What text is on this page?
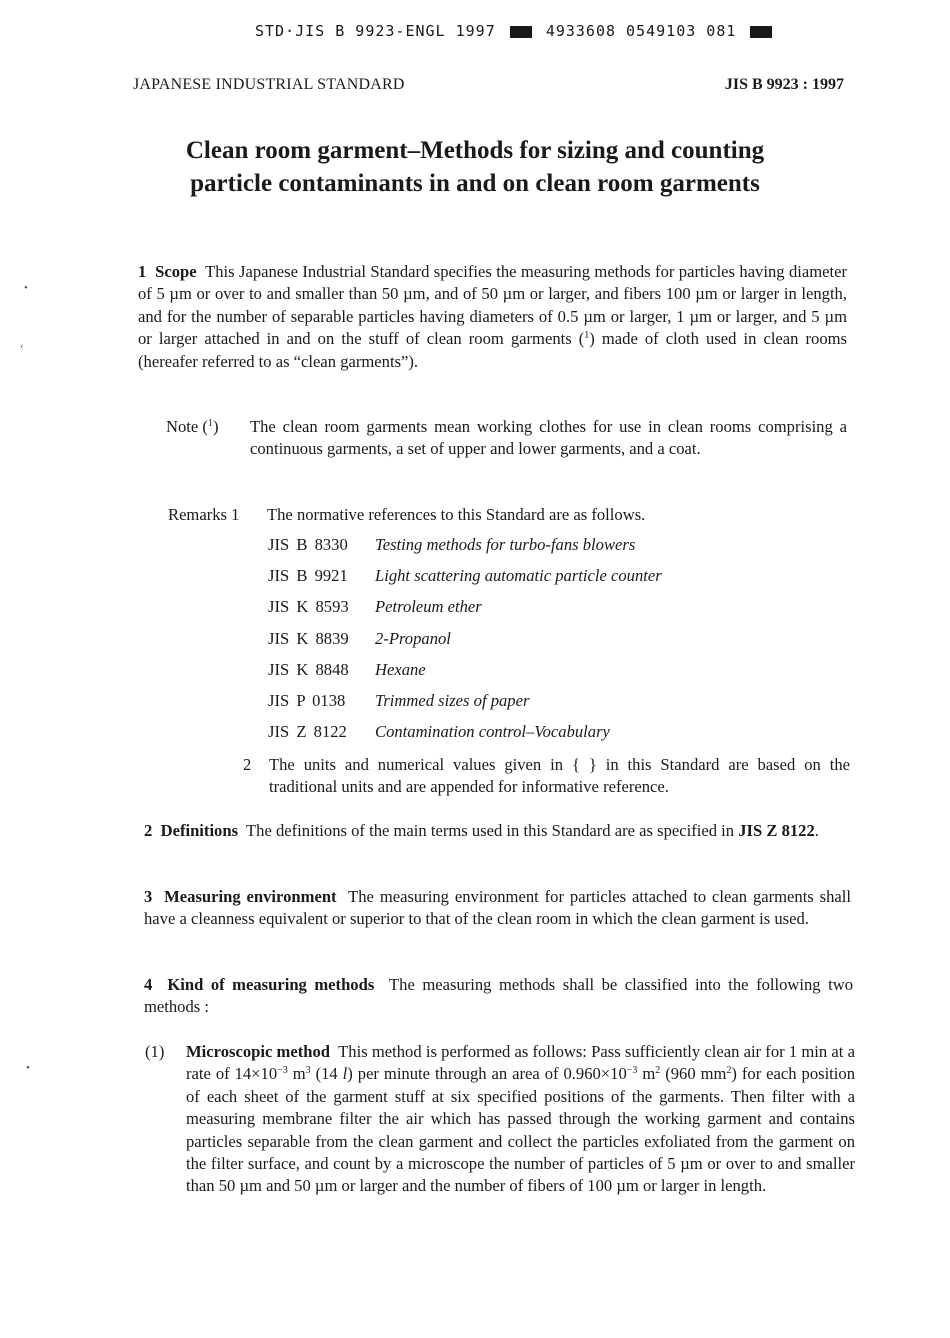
STD·JIS B 9923-ENGL 1997	4933608 0549103 081
JAPANESE INDUSTRIAL STANDARD	JIS B 9923 : 1997
Clean room garment–Methods for sizing and counting
particle contaminants in and on clean room garments
1 Scope This Japanese Industrial Standard specifies the measuring methods for particles having diameter of 5 µm or over to and smaller than 50 µm, and of 50 µm or larger, and fibers 100 µm or larger in length, and for the number of separable particles having diameters of 0.5 µm or larger, 1 µm or larger, and 5 µm or larger attached in and on the stuff of clean room garments ($^1$) made of cloth used in clean rooms (hereafer referred to as “clean garments”).
Note ($^1$) The clean room garments mean working clothes for use in clean rooms comprising a continuous garments, a set of upper and lower garments, and a coat.
Remarks 1 The normative references to this Standard are as follows.
JIS B 8330 Testing methods for turbo-fans blowers
JIS B 9921 Light scattering automatic particle counter
JIS K 8593 Petroleum ether
JIS K 8839 2-Propanol
JIS K 8848 Hexane
JIS P 0138 Trimmed sizes of paper
JIS Z 8122 Contamination control–Vocabulary
2 The units and numerical values given in { } in this Standard are based on the traditional units and are appended for informative reference.
2 Definitions The definitions of the main terms used in this Standard are as specified in JIS Z 8122.
3 Measuring environment The measuring environment for particles attached to clean garments shall have a cleanness equivalent or superior to that of the clean room in which the clean garment is used.
4 Kind of measuring methods The measuring methods shall be classified into the following two methods :
(1) Microscopic method This method is performed as follows: Pass sufficiently clean air for 1 min at a rate of $14\times 10^{-3}$ $m^3$ (14 l) per minute through an area of $0.960\times 10^{-3}$ $m^2$ (960 $mm^2$) for each position of each sheet of the garment stuff at six specified positions of the garments. Then filter with a measuring membrane filter the air which has passed through the working garment and contains particles separable from the clean garment and collect the particles exfoliated from the garment on the filter surface, and count by a microscope the number of particles of 5 µm or over to and smaller than 50 µm and 50 µm or larger and the number of fibers of 100 µm or larger in length.
•
‹
•
